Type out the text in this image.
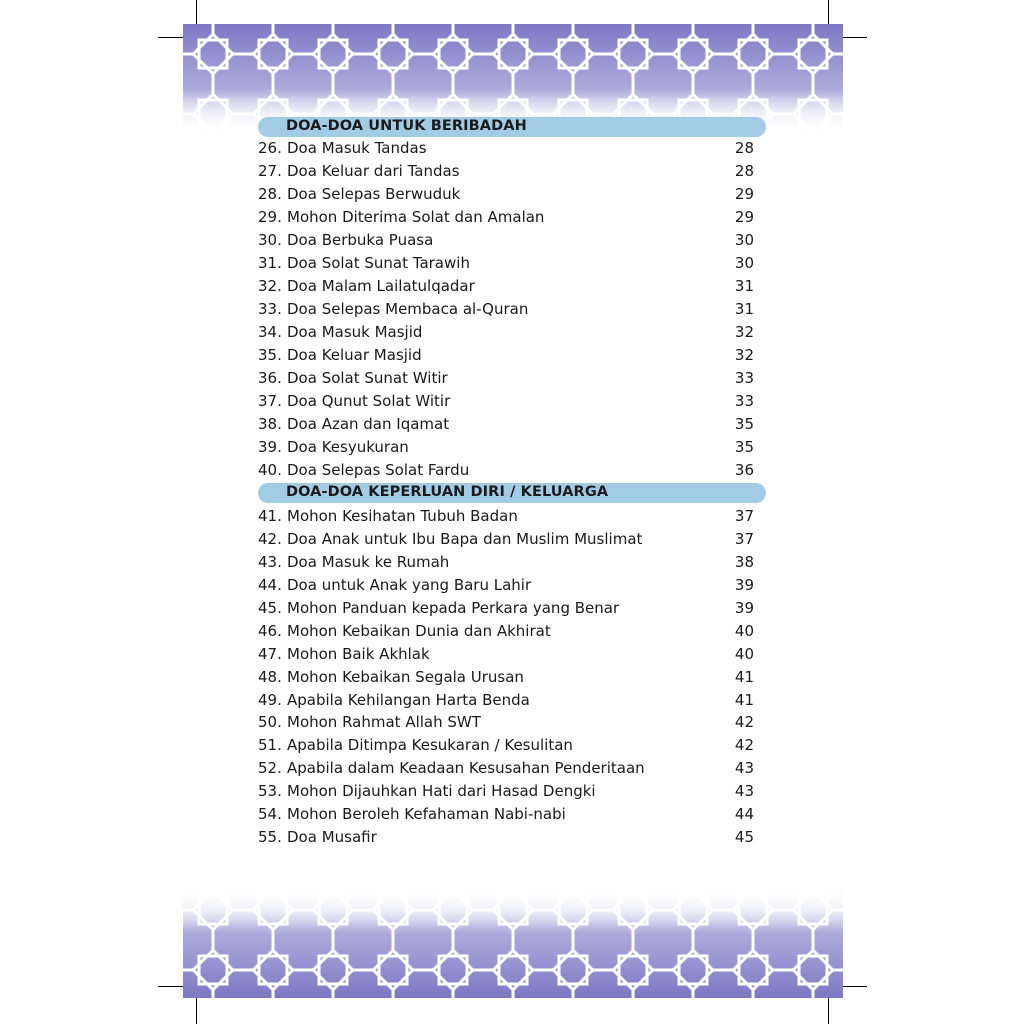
DOA-DOA UNTUK BERIBADAH
26. Doa Masuk Tandas	28
27. Doa Keluar dari Tandas	28
28. Doa Selepas Berwuduk	29
29. Mohon Diterima Solat dan Amalan	29
30. Doa Berbuka Puasa	30
31. Doa Solat Sunat Tarawih	30
32. Doa Malam Lailatulqadar	31
33. Doa Selepas Membaca al-Quran	31
34. Doa Masuk Masjid	32
35. Doa Keluar Masjid	32
36. Doa Solat Sunat Witir	33
37. Doa Qunut Solat Witir	33
38. Doa Azan dan Iqamat	35
39. Doa Kesyukuran	35
40. Doa Selepas Solat Fardu	36
DOA-DOA KEPERLUAN DIRI / KELUARGA
41. Mohon Kesihatan Tubuh Badan	37
42. Doa Anak untuk Ibu Bapa dan Muslim Muslimat	37
43. Doa Masuk ke Rumah	38
44. Doa untuk Anak yang Baru Lahir	39
45. Mohon Panduan kepada Perkara yang Benar	39
46. Mohon Kebaikan Dunia dan Akhirat	40
47. Mohon Baik Akhlak	40
48. Mohon Kebaikan Segala Urusan	41
49. Apabila Kehilangan Harta Benda	41
50. Mohon Rahmat Allah SWT	42
51. Apabila Ditimpa Kesukaran / Kesulitan	42
52. Apabila dalam Keadaan Kesusahan Penderitaan	43
53. Mohon Dijauhkan Hati dari Hasad Dengki	43
54. Mohon Beroleh Kefahaman Nabi-nabi	44
55. Doa Musafir	45
